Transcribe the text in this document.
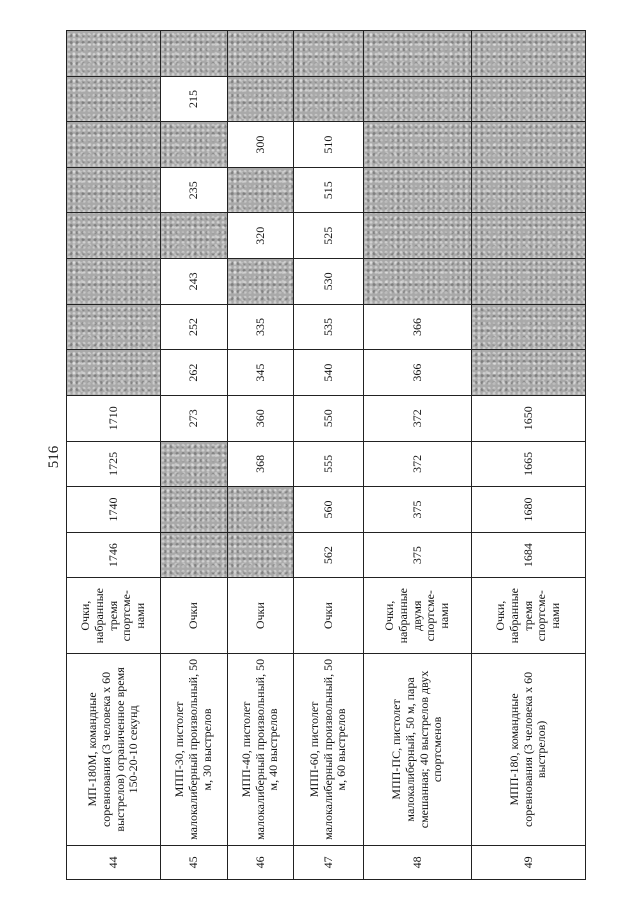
516
44	МП-180М, командные соревнования (3 человека х 60 выстрелов) ограниченное время 150-20-10 секунд	Очки, набранные тремя спортсме-нами	1746	1740	1725	1710								
45	МПП-30, пистолет малокалиберный произвольный, 50 м, 30 выстрелов	Очки				273	262	252	243		235		215	
46	МПП-40, пистолет малокалиберный произвольный, 50 м, 40 выстрелов	Очки			368	360	345	335		320		300		
47	МПП-60, пистолет малокалиберный произвольный, 50 м, 60 выстрелов	Очки	562	560	555	550	540	535	530	525	515	510		
48	МПП-ПС, пистолет малокалиберный, 50 м, пара смешанная; 40 выстрелов двух спортсменов	Очки, набранные двумя спортсме-нами	375	375	372	372	366	366						
49	МПП-180, командные соревнования (3 человека х 60 выстрелов)	Очки, набранные тремя спортсме-нами	1684	1680	1665	1650								
